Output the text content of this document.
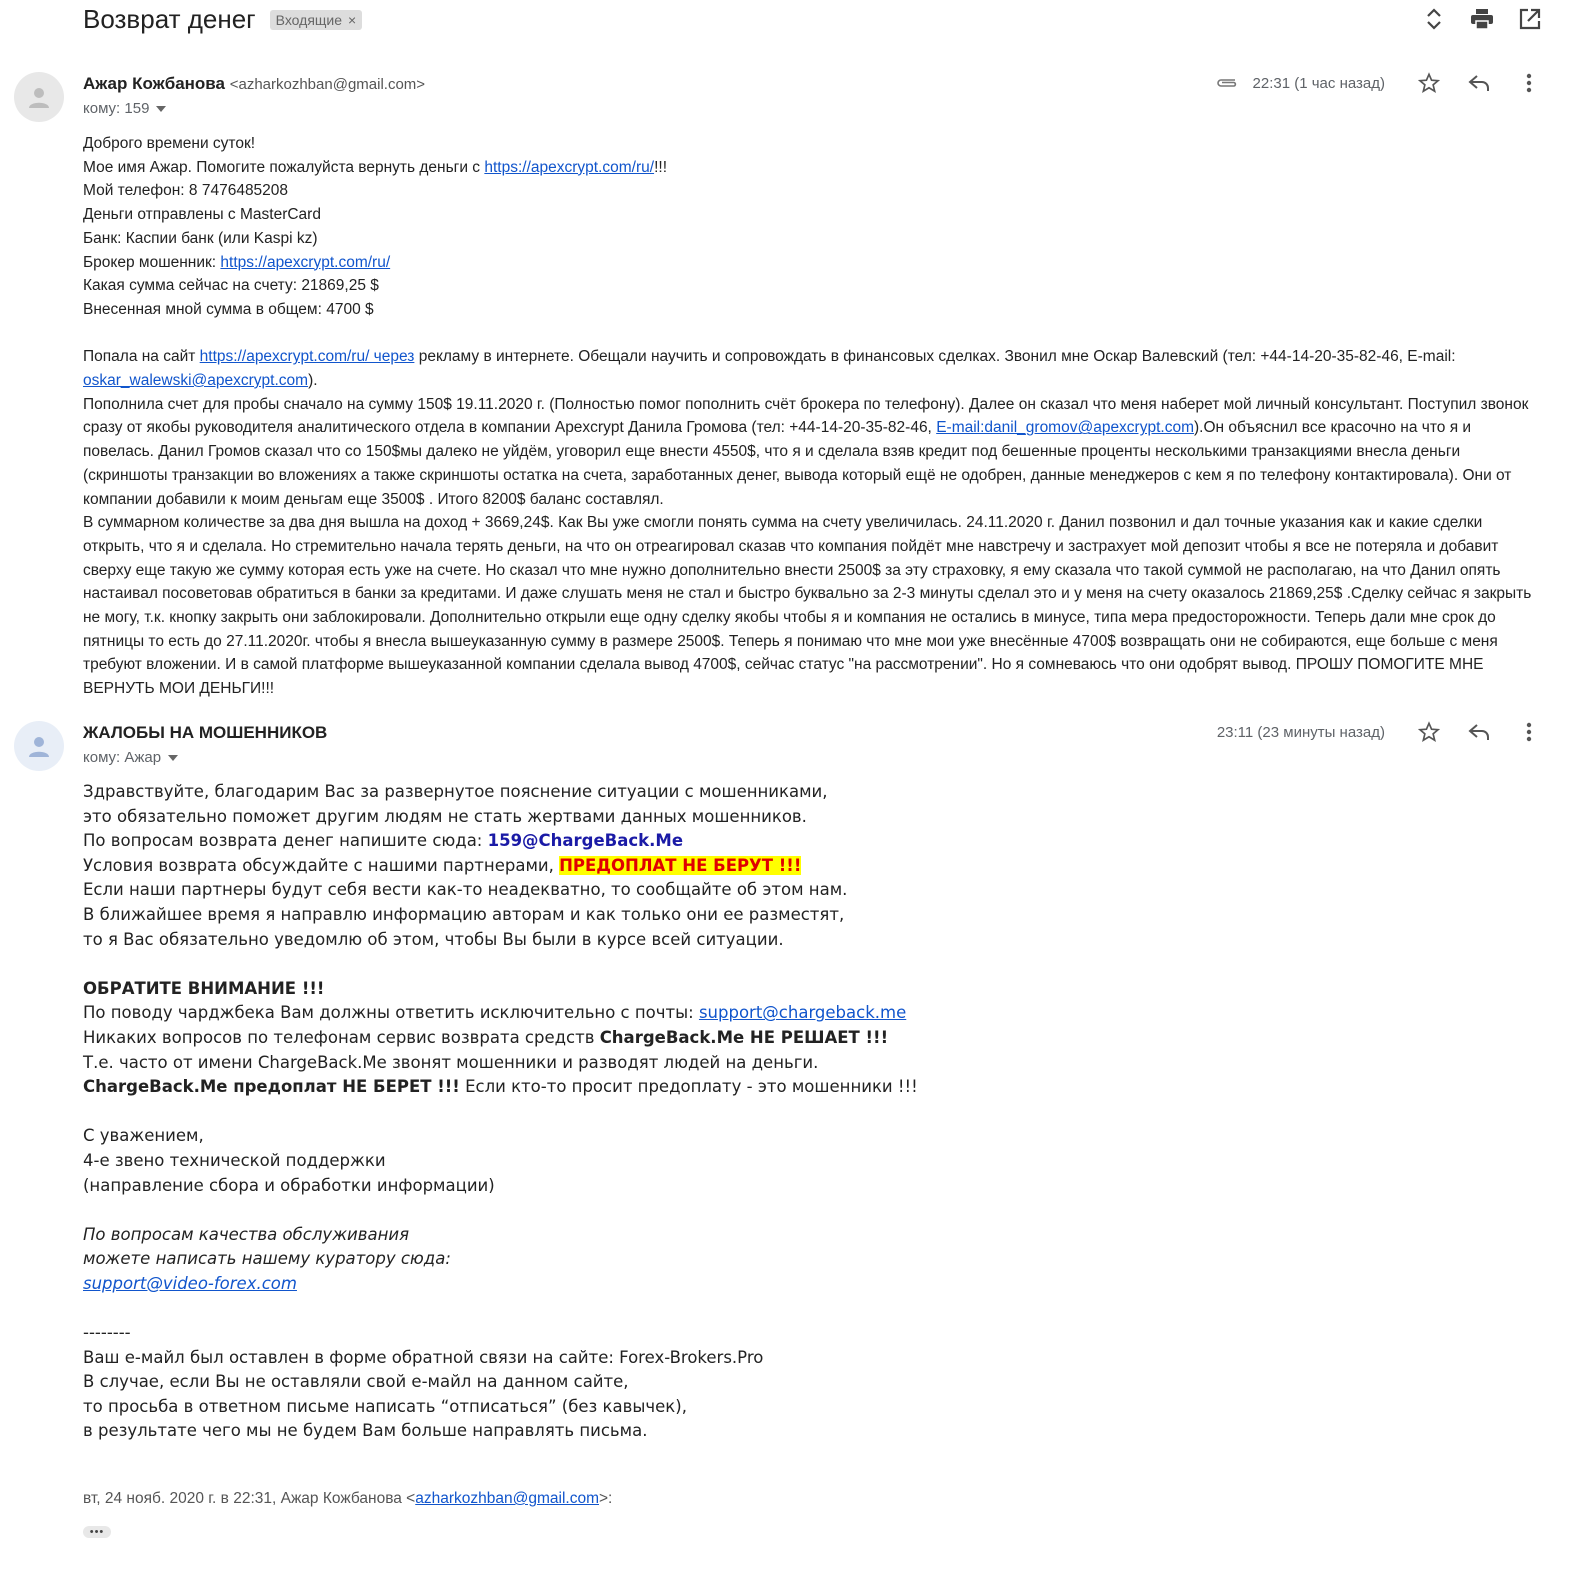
Возврат денег Входящие ×
Ажар Кожбанова <azharkozhban@gmail.com>
кому: 159
22:31 (1 час назад)

Доброго времени суток!

Мое имя Ажар. Помогите пожалуйста вернуть деньги с https://apexcrypt.com/ru/!!!

Мой телефон: 8 7476485208

Деньги отправлены с MasterCard

Банк: Каспии банк (или Kaspi kz)

Брокер мошенник: https://apexcrypt.com/ru/

Какая сумма сейчас на счету: 21869,25 $

Внесенная мной сумма в общем: 4700 $

Попала на сайт https://apexcrypt.com/ru/ через рекламу в интернете. Обещали научить и сопровождать в финансовых сделках. Звонил мне Оскар Валевский (тел: +44-14-20-35-82-46, E-mail: oskar_walewski@apexcrypt.com).

Пополнила счет для пробы сначало на сумму 150$ 19.11.2020 г. (Полностью помог пополнить счёт брокера по телефону). Далее он сказал что меня наберет мой личный консультант. Поступил звонок сразу от якобы руководителя аналитического отдела в компании Apexcrypt Данила Громова (тел: +44-14-20-35-82-46, E-mail:danil_gromov@apexcrypt.com).Он объяснил все красочно на что я и повелась. Данил Громов сказал что со 150$мы далеко не уйдём, уговорил еще внести 4550$, что я и сделала взяв кредит под бешенные проценты несколькими транзакциями внесла деньги (скриншоты транзакции во вложениях а также скриншоты остатка на счета, заработанных денег, вывода который ещё не одобрен, данные менеджеров с кем я по телефону контактировала). Они от компании добавили к моим деньгам еще 3500$ . Итого 8200$ баланс составлял.

В суммарном количестве за два дня вышла на доход + 3669,24$. Как Вы уже смогли понять сумма на счету увеличилась. 24.11.2020 г. Данил позвонил и дал точные указания как и какие сделки открыть, что я и сделала. Но стремительно начала терять деньги, на что он отреагировал сказав что компания пойдёт мне навстречу и застрахует мой депозит чтобы я все не потеряла и добавит сверху еще такую же сумму которая есть уже на счете. Но сказал что мне нужно дополнительно внести 2500$ за эту страховку, я ему сказала что такой суммой не располагаю, на что Данил опять настаивал посоветовав обратиться в банки за кредитами. И даже слушать меня не стал и быстро буквально за 2-3 минуты сделал это и у меня на счету оказалось 21869,25$ .Сделку сейчас я закрыть не могу, т.к. кнопку закрыть они заблокировали. Дополнительно открыли еще одну сделку якобы чтобы я и компания не остались в минусе, типа мера предосторожности. Теперь дали мне срок до пятницы то есть до 27.11.2020г. чтобы я внесла вышеуказанную сумму в размере 2500$. Теперь я понимаю что мне мои уже внесённые 4700$ возвращать они не собираются, еще больше с меня требуют вложении. И в самой платформе вышеуказанной компании сделала вывод 4700$, сейчас статус "на рассмотрении". Но я сомневаюсь что они одобрят вывод. ПРОШУ ПОМОГИТЕ МНЕ ВЕРНУТЬ МОИ ДЕНЬГИ!!!

ЖАЛОБЫ НА МОШЕННИКОВ
кому: Ажар
23:11 (23 минуты назад)

Здравствуйте, благодарим Вас за развернутое пояснение ситуации с мошенниками,

это обязательно поможет другим людям не стать жертвами данных мошенников.

По вопросам возврата денег напишите сюда: 159@ChargeBack.Me

Условия возврата обсуждайте с нашими партнерами, ПРЕДОПЛАТ НЕ БЕРУТ !!!

Если наши партнеры будут себя вести как-то неадекватно, то сообщайте об этом нам.

В ближайшее время я направлю информацию авторам и как только они ее разместят,

то я Вас обязательно уведомлю об этом, чтобы Вы были в курсе всей ситуации.

ОБРАТИТЕ ВНИМАНИЕ !!!

По поводу чарджбека Вам должны ответить исключительно с почты: support@chargeback.me

Никаких вопросов по телефонам сервис возврата средств ChargeBack.Me НЕ РЕШАЕТ !!!

Т.е. часто от имени ChargeBack.Me звонят мошенники и разводят людей на деньги.

ChargeBack.Me предоплат НЕ БЕРЕТ !!! Если кто-то просит предоплату - это мошенники !!!

С уважением,

4-е звено технической поддержки

(направление сбора и обработки информации)

По вопросам качества обслуживания

можете написать нашему куратору сюда:

support@video-forex.com

--------

Ваш е-майл был оставлен в форме обратной связи на сайте: Forex-Brokers.Pro

В случае, если Вы не оставляли свой е-майл на данном сайте,

то просьба в ответном письме написать “отписаться” (без кавычек),

в результате чего мы не будем Вам больше направлять письма.

вт, 24 нояб. 2020 г. в 22:31, Ажар Кожбанова <azharkozhban@gmail.com>:
•••
